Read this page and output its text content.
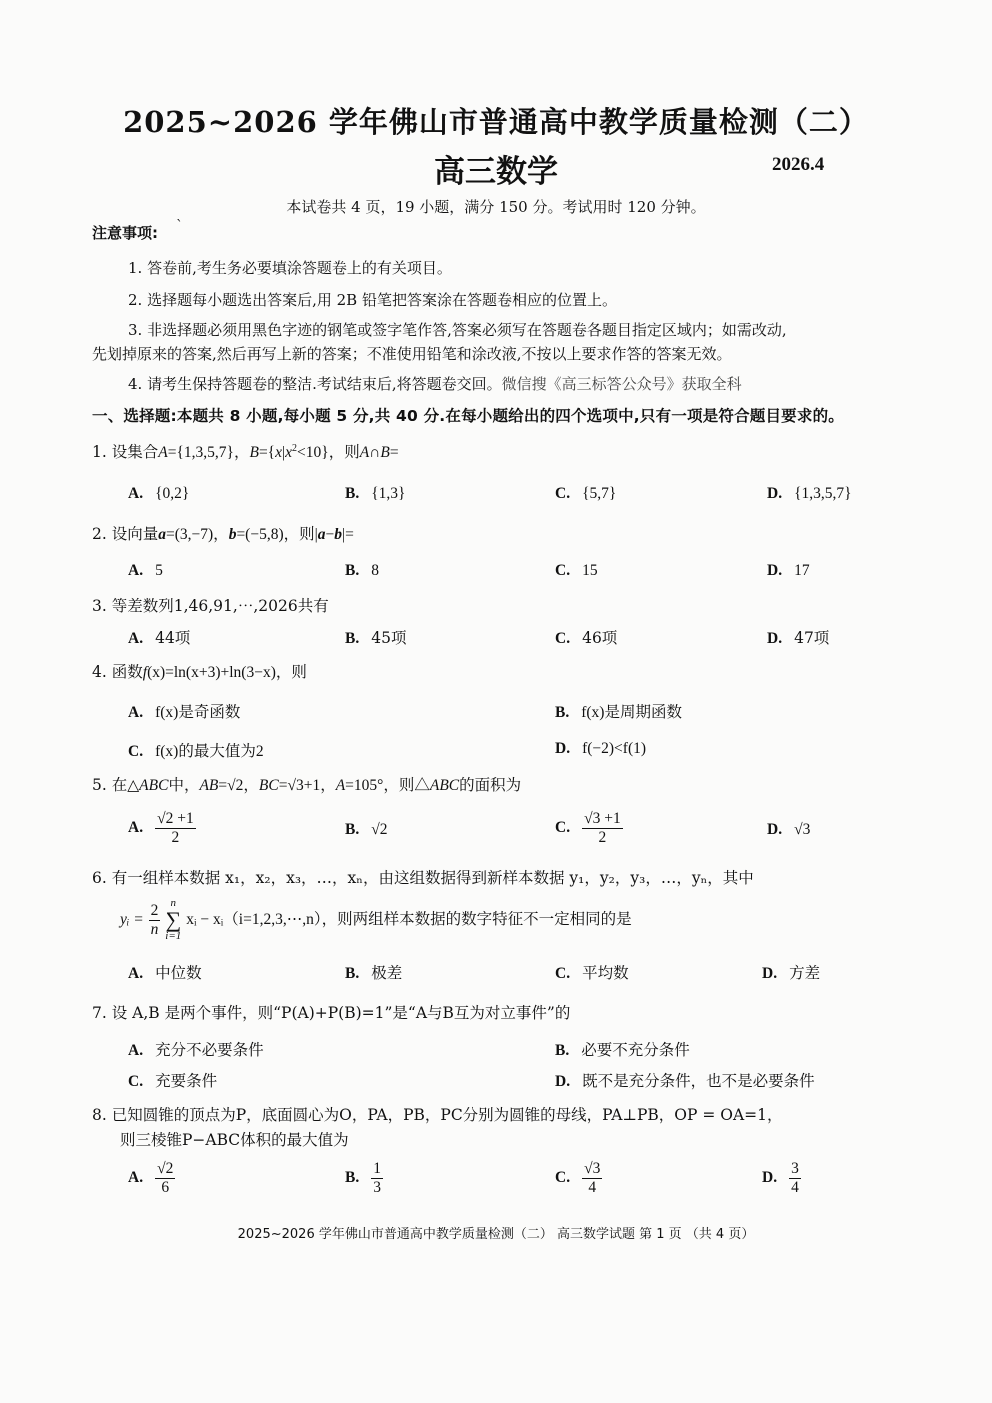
2025~2026 学年佛山市普通高中教学质量检测（二）
高三数学	2026.4
本试卷共 4 页，19 小题，满分 150 分。考试用时 120 分钟。
注意事项: `
1. 答卷前,考生务必要填涂答题卷上的有关项目。
2. 选择题每小题选出答案后,用 2B 铅笔把答案涂在答题卷相应的位置上。
3. 非选择题必须用黑色字迹的钢笔或签字笔作答,答案必须写在答题卷各题目指定区域内；如需改动,
先划掉原来的答案,然后再写上新的答案；不准使用铅笔和涂改液,不按以上要求作答的答案无效。
4. 请考生保持答题卷的整洁.考试结束后,将答题卷交回。微信搜《高三标答公众号》获取全科
一、选择题:本题共 8 小题,每小题 5 分,共 40 分.在每小题给出的四个选项中,只有一项是符合题目要求的。
1. 设集合A={1,3,5,7}，$B=\{x|x^2<10\}$，则A∩B=
A. {0,2}	B. {1,3}	C. {5,7}	D. {1,3,5,7}
2. 设向量a=(3,−7)，b=(−5,8)，则|a−b|=
A. 5	B. 8	C. 15	D. 17
3. 等差数列1,46,91,⋯,2026共有
A. 44项	B. 45项	C. 46项	D. 47项
4. 函数f(x)=ln(x+3)+ln(3−x)，则
A. f(x)是奇函数	B. f(x)是周期函数
C. f(x)的最大值为2	D. f(−2)<f(1)
5. 在△ABC中，AB=√2，BC=√3+1，A=105°，则△ABC的面积为
A. $\frac{√2 +1}{2}$	B. √2	C. $\frac{√3 +1}{2}$	D. √3
6. 有一组样本数据 x₁，x₂，x₃，…，xₙ，由这组数据得到新样本数据 y₁，y₂，y₃，…，yₙ，其中
yᵢ = $\frac{2}{n}$ n
∑
i=1 xᵢ − xᵢ（i=1,2,3,⋯,n），则两组样本数据的数字特征不一定相同的是
A. 中位数	B. 极差	C. 平均数	D. 方差
7. 设 A,B 是两个事件，则“P(A)+P(B)=1”是“A与B互为对立事件”的
A. 充分不必要条件	B. 必要不充分条件
C. 充要条件	D. 既不是充分条件，也不是必要条件
8. 已知圆锥的顶点为P，底面圆心为O，PA，PB，PC分别为圆锥的母线，PA⊥PB，OP = OA=1，
则三棱锥P−ABC体积的最大值为
A. $\frac{√2}{6}$	B. $\frac{1}{3}$	C. $\frac{√3}{4}$	D. $\frac{3}{4}$
2025~2026 学年佛山市普通高中教学质量检测（二） 高三数学试题 第 1 页 （共 4 页）
